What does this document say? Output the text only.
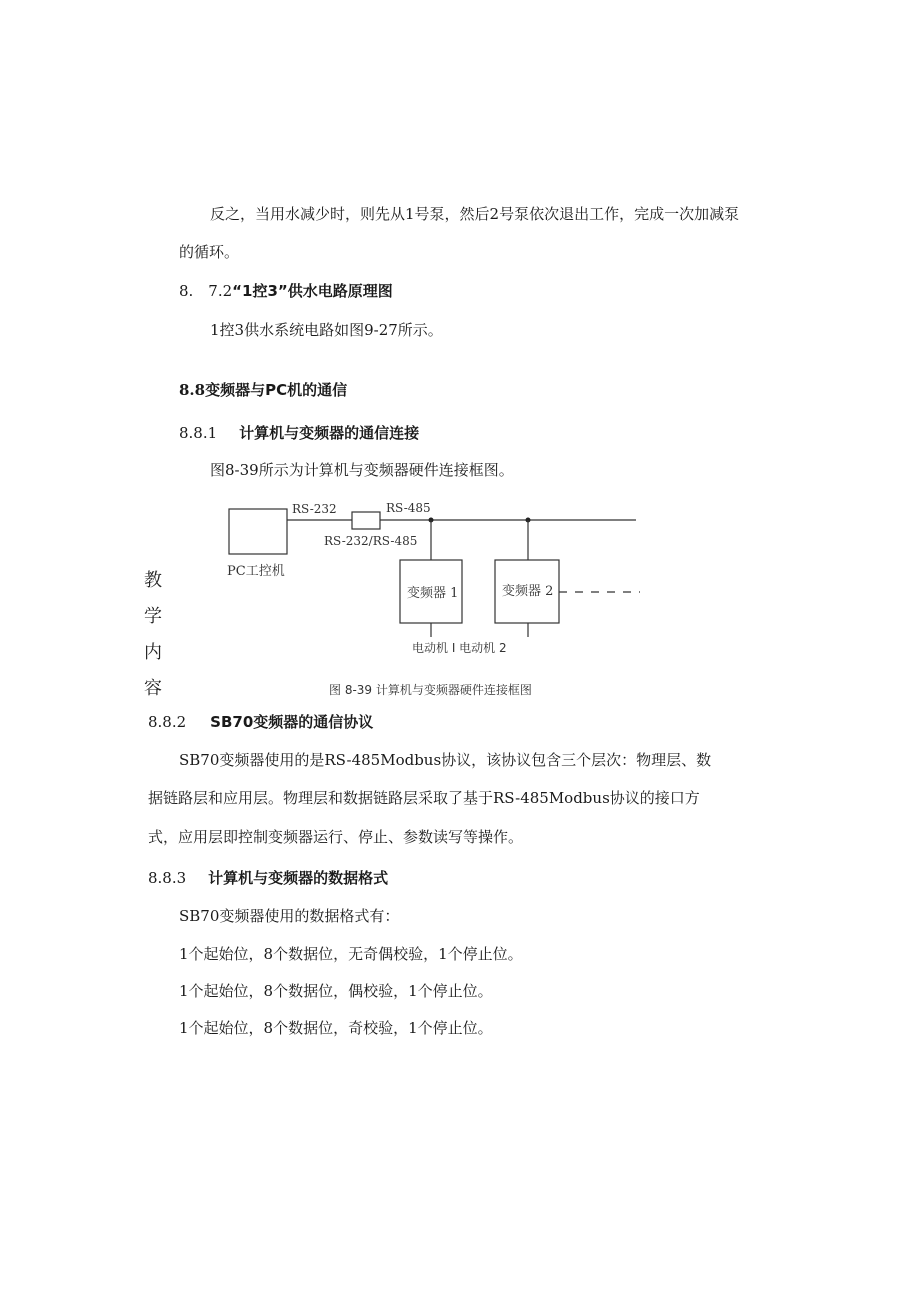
反之，当用水减少时，则先从1号泵，然后2号泵依次退出工作，完成一次加减泵
的循环。
8.　7.2“1控3”供水电路原理图
1控3供水系统电路如图9-27所示。
8.8变频器与PC机的通信
8.8.1 计算机与变频器的通信连接
图8-39所示为计算机与变频器硬件连接框图。
教
学
内
容
PC工控机
RS-232
RS-232/RS-485
RS-485
变频器 1	变频器 2
电动机 I 电动机 2
图 8-39 计算机与变频器硬件连接框图
8.8.2 SB70变频器的通信协议
SB70变频器使用的是RS-485Modbus协议，该协议包含三个层次：物理层、数
据链路层和应用层。物理层和数据链路层采取了基于RS-485Modbus协议的接口方
式，应用层即控制变频器运行、停止、参数读写等操作。
8.8.3 计算机与变频器的数据格式
SB70变频器使用的数据格式有：
1个起始位，8个数据位，无奇偶校验，1个停止位。
1个起始位，8个数据位，偶校验，1个停止位。
1个起始位，8个数据位，奇校验，1个停止位。
